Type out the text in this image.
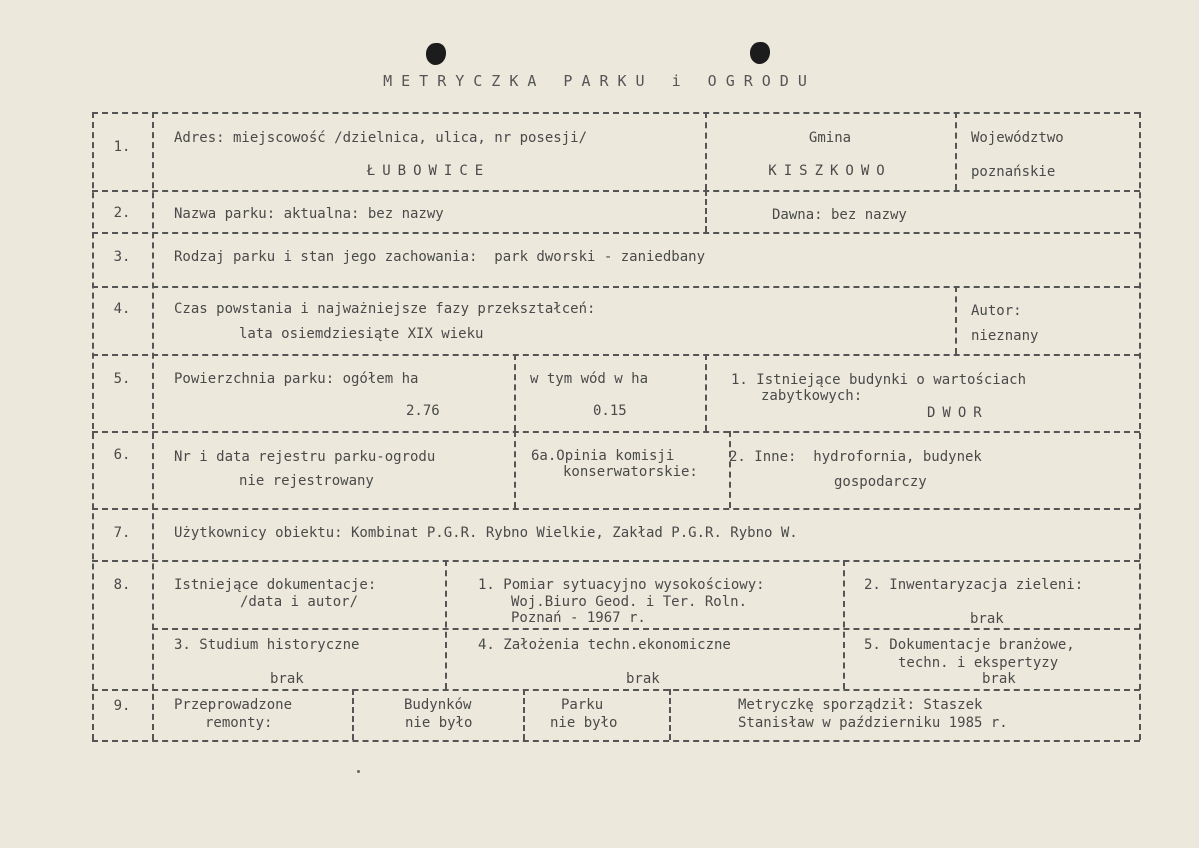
METRYCZKA PARKU i OGRODU
1.
2.
3.
4.
5.
6.
7.
8.
9.
Adres: miejscowość /dzielnica, ulica, nr posesji/
ŁUBOWICE
Gmina
KISZKOWO
Województwo
poznańskie
Nazwa parku: aktualna: bez nazwy	Dawna: bez nazwy
Rodzaj parku i stan jego zachowania:  park dworski - zaniedbany
Czas powstania i najważniejsze fazy przekształceń:
lata osiemdziesiąte XIX wieku
Autor:
nieznany
Powierzchnia parku: ogółem ha
2.76
w tym wód w ha
0.15
1. Istniejące budynki o wartościach
zabytkowych:
DWOR
Nr i data rejestru parku-ogrodu
nie rejestrowany
6a.Opinia komisji
konserwatorskie:
2. Inne:  hydrofornia, budynek
gospodarczy
Użytkownicy obiektu: Kombinat P.G.R. Rybno Wielkie, Zakład P.G.R. Rybno W.
Istniejące dokumentacje:
/data i autor/
1. Pomiar sytuacyjno wysokościowy:
Woj.Biuro Geod. i Ter. Roln.
Poznań - 1967 r.
2. Inwentaryzacja zieleni:
brak
3. Studium historyczne
brak
4. Założenia techn.ekonomiczne
brak
5. Dokumentacje branżowe,
techn. i ekspertyzy
brak
Przeprowadzone
remonty:
Budynków
nie było
Parku
nie było
Metryczkę sporządził: Staszek
Stanisław w październiku 1985 r.
